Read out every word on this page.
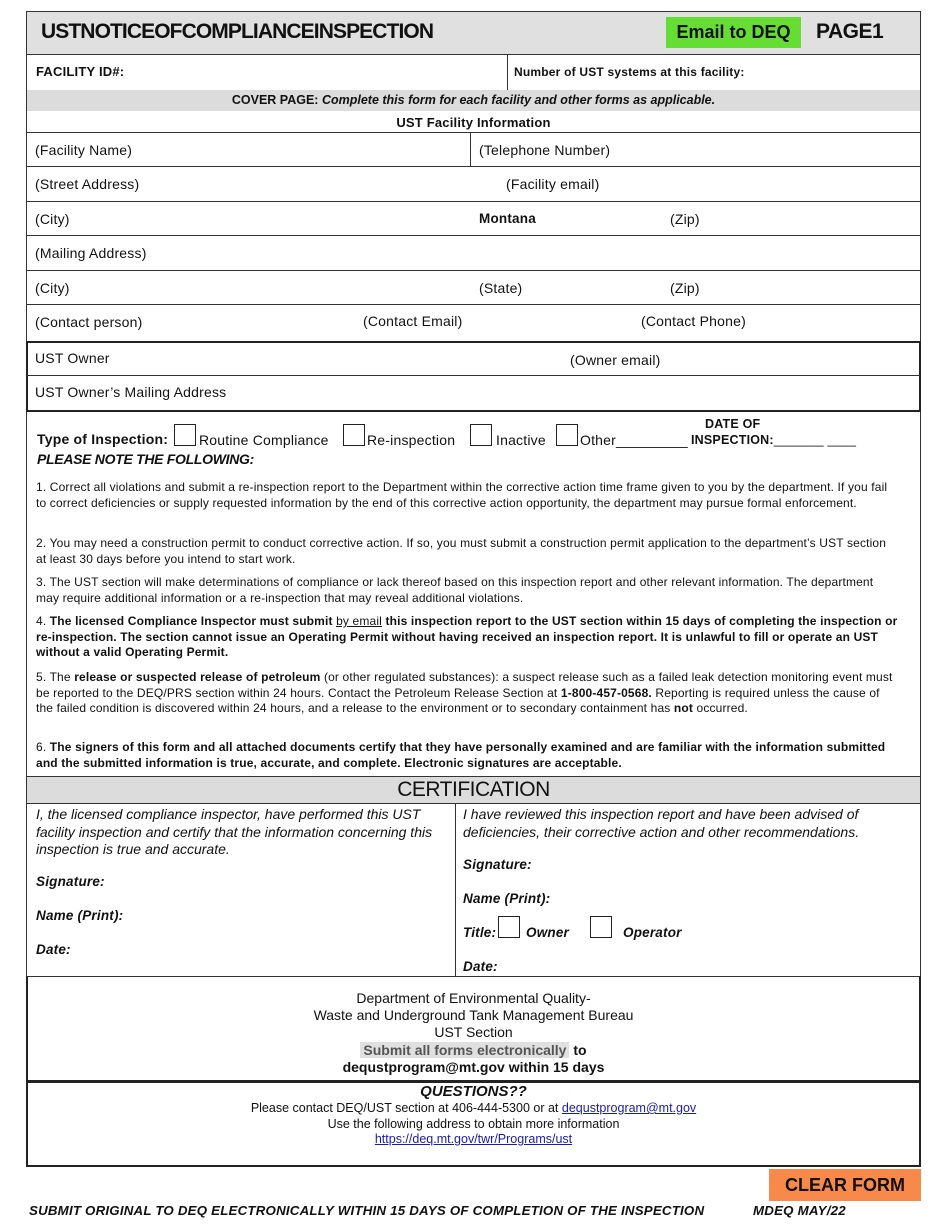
USTNOTICEOFCOMPLIANCEINSPECTION	Email to DEQ	PAGE1
FACILITY ID#:	Number of UST systems at this facility:
COVER PAGE: Complete this form for each facility and other forms as applicable.
UST Facility Information
(Facility Name)	(Telephone Number)
(Street Address)	(Facility email)
(City)	Montana	(Zip)
(Mailing Address)
(City)	(State)	(Zip)
(Contact person)	(Contact Email)	(Contact Phone)
UST Owner	(Owner email)
UST Owner’s Mailing Address
Type of Inspection: Routine Compliance	Re-inspection	Inactive Other_________
DATE OF
INSPECTION:_______ ____
PLEASE NOTE THE FOLLOWING:
1. Correct all violations and submit a re-inspection report to the Department within the corrective action time frame given to you by the department. If you fail to correct deficiencies or supply requested information by the end of this corrective action opportunity, the department may pursue formal enforcement.
2. You may need a construction permit to conduct corrective action. If so, you must submit a construction permit application to the department’s UST section at least 30 days before you intend to start work.
3. The UST section will make determinations of compliance or lack thereof based on this inspection report and other relevant information. The department may require additional information or a re-inspection that may reveal additional violations.
4. The licensed Compliance Inspector must submit by email this inspection report to the UST section within 15 days of completing the inspection or re-inspection. The section cannot issue an Operating Permit without having received an inspection report. It is unlawful to fill or operate an UST without a valid Operating Permit.
5. The release or suspected release of petroleum (or other regulated substances): a suspect release such as a failed leak detection monitoring event must be reported to the DEQ/PRS section within 24 hours. Contact the Petroleum Release Section at 1-800-457-0568. Reporting is required unless the cause of the failed condition is discovered within 24 hours, and a release to the environment or to secondary containment has not occurred.
6. The signers of this form and all attached documents certify that they have personally examined and are familiar with the information submitted and the submitted information is true, accurate, and complete. Electronic signatures are acceptable.
CERTIFICATION
I, the licensed compliance inspector, have performed this UST facility inspection and certify that the information concerning this inspection is true and accurate.
Signature:
Name (Print):
Date:
I have reviewed this inspection report and have been advised of deficiencies, their corrective action and other recommendations.
Signature:
Name (Print):
Title: Owner	Operator
Date:
Department of Environmental Quality-
Waste and Underground Tank Management Bureau
UST Section
Submit all forms electronically to
dequstprogram@mt.gov within 15 days
QUESTIONS??
Please contact DEQ/UST section at 406-444-5300 or at dequstprogram@mt.gov
Use the following address to obtain more information
https://deq.mt.gov/twr/Programs/ust
CLEAR FORM
SUBMIT ORIGINAL TO DEQ ELECTRONICALLY WITHIN 15 DAYS OF COMPLETION OF THE INSPECTION	MDEQ MAY/22
